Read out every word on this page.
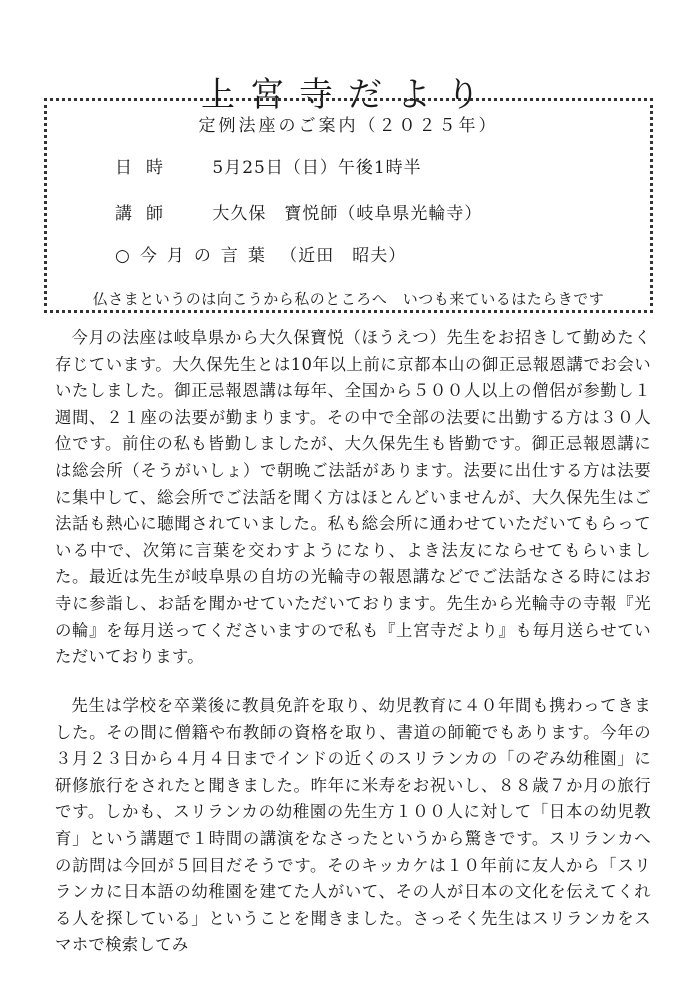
上宮寺だより
定例法座のご案内（２０２５年）
日時 5月25日（日）午後1時半
講師 大久保　寶悦師（岐阜県光輪寺）
○今月の言葉 （近田　昭夫）
仏さまというのは向こうから私のところへ　いつも来ているはたらきです

今月の法座は岐阜県から大久保寶悦（ほうえつ）先生をお招きして勤めたく存じています。大久保先生とは10年以上前に京都本山の御正忌報恩講でお会いいたしました。御正忌報恩講は毎年、全国から５００人以上の僧侶が参勤し１週間、２１座の法要が勤まります。その中で全部の法要に出勤する方は３０人位です。前住の私も皆勤しましたが、大久保先生も皆勤です。御正忌報恩講には総会所（そうがいしょ）で朝晩ご法話があります。法要に出仕する方は法要に集中して、総会所でご法話を聞く方はほとんどいませんが、大久保先生はご法話も熱心に聴聞されていました。私も総会所に通わせていただいてもらっている中で、次第に言葉を交わすようになり、よき法友にならせてもらいました。最近は先生が岐阜県の自坊の光輪寺の報恩講などでご法話なさる時にはお寺に参詣し、お話を聞かせていただいております。先生から光輪寺の寺報『光の輪』を毎月送ってくださいますので私も『上宮寺だより』も毎月送らせていただいております。

先生は学校を卒業後に教員免許を取り、幼児教育に４０年間も携わってきました。その間に僧籍や布教師の資格を取り、書道の師範でもあります。今年の３月２３日から４月４日までインドの近くのスリランカの「のぞみ幼稚園」に研修旅行をされたと聞きました。昨年に米寿をお祝いし、８８歳７か月の旅行です。しかも、スリランカの幼稚園の先生方１００人に対して「日本の幼児教育」という講題で１時間の講演をなさったというから驚きです。スリランカへの訪問は今回が５回目だそうです。そのキッカケは１０年前に友人から「スリランカに日本語の幼稚園を建てた人がいて、その人が日本の文化を伝えてくれる人を探している」ということを聞きました。さっそく先生はスリランカをスマホで検索してみ
